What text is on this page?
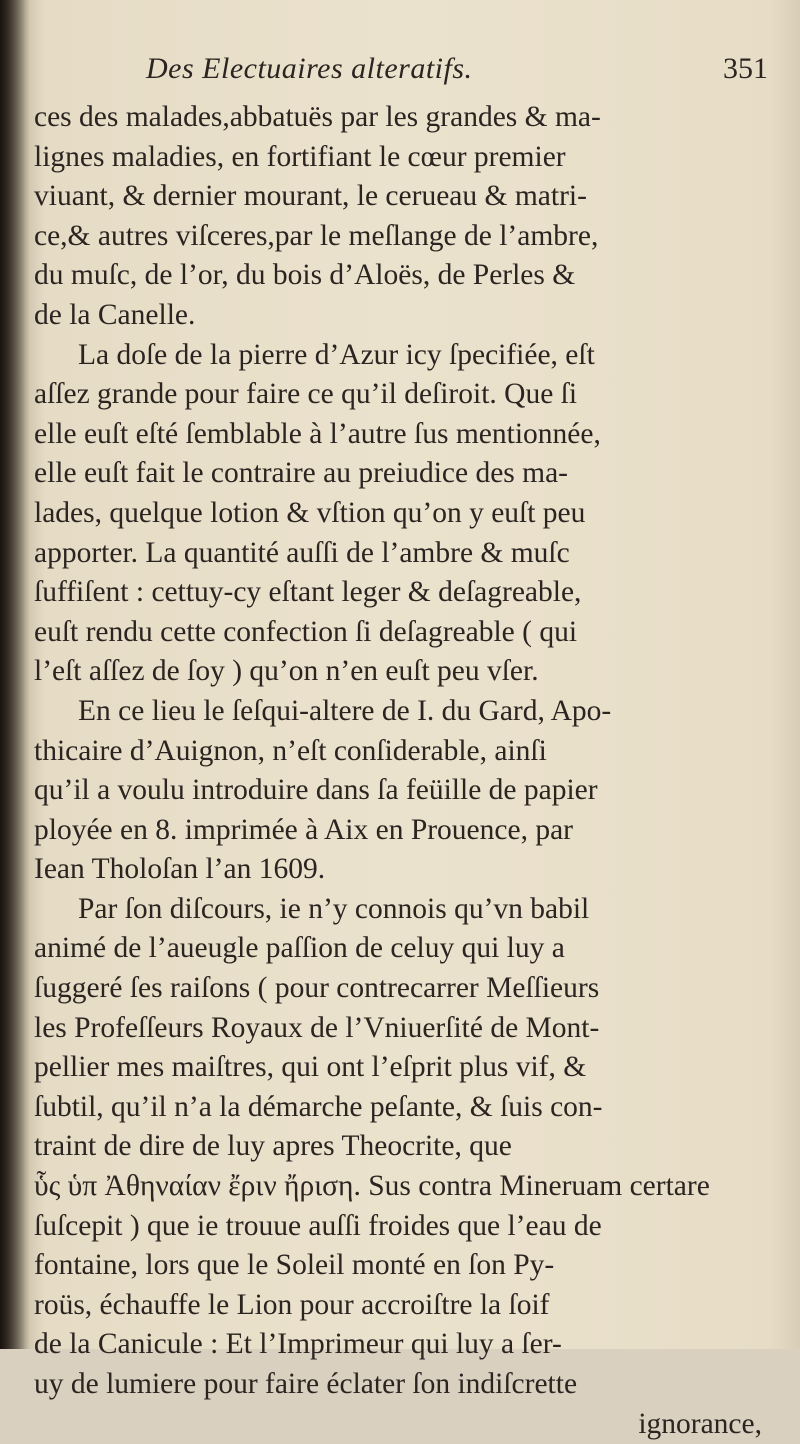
Des Electuaires alteratifs.	351
ces des malades,abbatuës par les grandes & ma-
lignes maladies, en fortifiant le cœur premier
viuant, & dernier mourant, le cerueau & matri-
ce,& autres viſceres,par le meſlange de l’ambre,
du muſc, de l’or, du bois d’Aloës, de Perles &
de la Canelle.
La doſe de la pierre d’Azur icy ſpecifiée, eſt
aſſez grande pour faire ce qu’il deſiroit. Que ſi
elle euſt eſté ſemblable à l’autre ſus mentionnée,
elle euſt fait le contraire au preiudice des ma-
lades, quelque lotion & vſtion qu’on y euſt peu
apporter. La quantité auſſi de l’ambre & muſc
ſuffiſent : cettuy-cy eſtant leger & deſagreable,
euſt rendu cette confection ſi deſagreable ( qui
l’eſt aſſez de ſoy ) qu’on n’en euſt peu vſer.
En ce lieu le ſeſqui-altere de I. du Gard, Apo-
thicaire d’Auignon, n’eſt conſiderable, ainſi
qu’il a voulu introduire dans ſa feüille de papier
ployée en 8. imprimée à Aix en Prouence, par
Iean Tholoſan l’an 1609.
Par ſon diſcours, ie n’y connois qu’vn babil
animé de l’aueugle paſſion de celuy qui luy a
ſuggeré ſes raiſons ( pour contrecarrer Meſſieurs
les Profeſſeurs Royaux de l’Vniuerſité de Mont-
pellier mes maiſtres, qui ont l’eſprit plus vif, &
ſubtil, qu’il n’a la démarche peſante, & ſuis con-
traint de dire de luy apres Theocrite, que
ὗς ὑπ Ἀθηναίαν ἔριν ἤριση. Sus contra Mineruam certare
ſuſcepit ) que ie trouue auſſi froides que l’eau de
fontaine, lors que le Soleil monté en ſon Py-
roüs, échauffe le Lion pour accroiſtre la ſoif
de la Canicule : Et l’Imprimeur qui luy a ſer-
uy de lumiere pour faire éclater ſon indiſcrette
ignorance,
